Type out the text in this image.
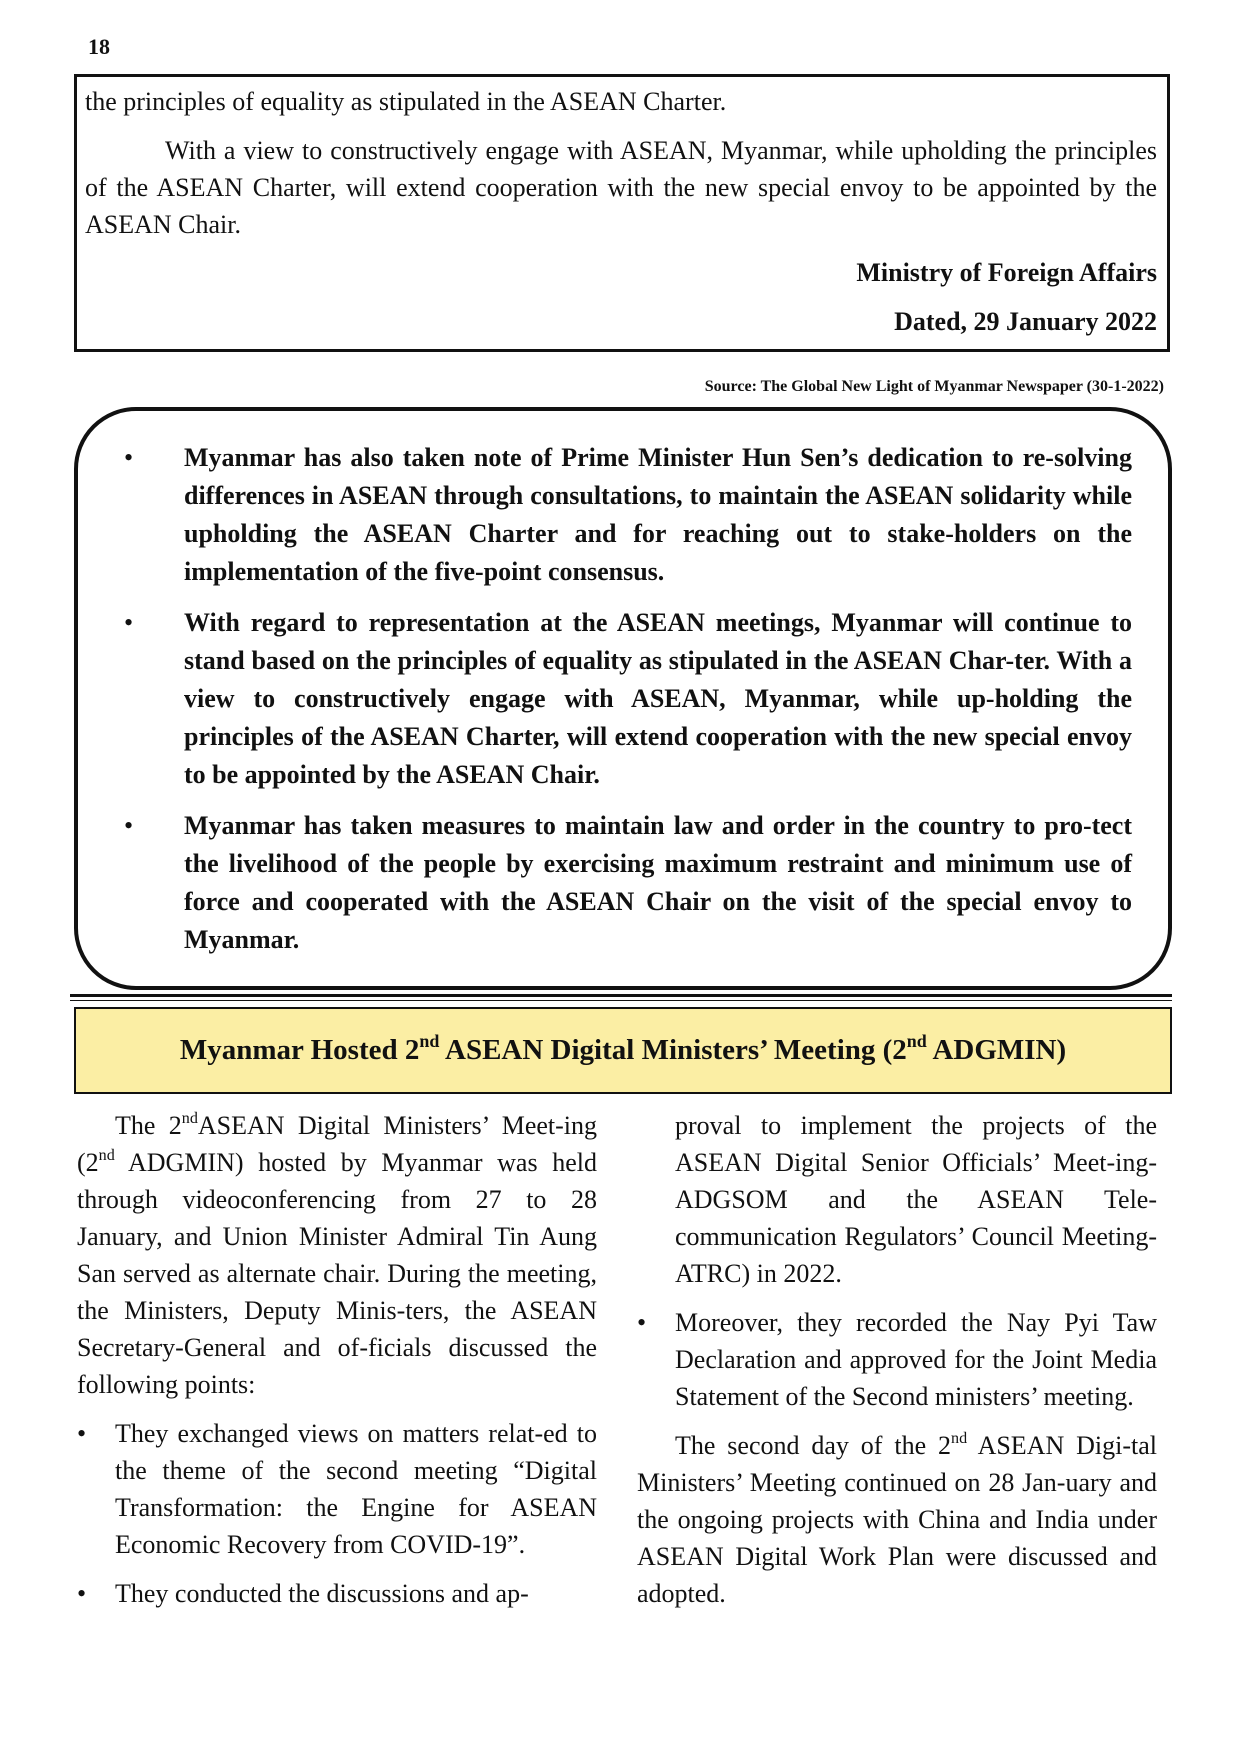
18

the principles of equality as stipulated in the ASEAN Charter.

With a view to constructively engage with ASEAN, Myanmar, while upholding the principles of the ASEAN Charter, will extend cooperation with the new special envoy to be appointed by the ASEAN Chair.

Ministry of Foreign Affairs

Dated, 29 January 2022

Source: The Global New Light of Myanmar Newspaper (30-1-2022)
• Myanmar has also taken note of Prime Minister Hun Sen’s dedication to re-solving differences in ASEAN through consultations, to maintain the ASEAN solidarity while upholding the ASEAN Charter and for reaching out to stake-holders on the implementation of the five-point consensus.
• With regard to representation at the ASEAN meetings, Myanmar will continue to stand based on the principles of equality as stipulated in the ASEAN Char-ter. With a view to constructively engage with ASEAN, Myanmar, while up-holding the principles of the ASEAN Charter, will extend cooperation with the new special envoy to be appointed by the ASEAN Chair.
• Myanmar has taken measures to maintain law and order in the country to pro-tect the livelihood of the people by exercising maximum restraint and minimum use of force and cooperated with the ASEAN Chair on the visit of the special envoy to Myanmar.
Myanmar Hosted 2nd ASEAN Digital Ministers’ Meeting (2nd ADGMIN)

The 2ndASEAN Digital Ministers’ Meet-ing (2nd ADGMIN) hosted by Myanmar was held through videoconferencing from 27 to 28 January, and Union Minister Admiral Tin Aung San served as alternate chair. During the meeting, the Ministers, Deputy Minis-ters, the ASEAN Secretary-General and of-ficials discussed the following points:

• They exchanged views on matters relat-ed to the theme of the second meeting “Digital Transformation: the Engine for ASEAN Economic Recovery from COVID-19”.
• They conducted the discussions and ap-

proval to implement the projects of the ASEAN Digital Senior Officials’ Meet-ing-ADGSOM and the ASEAN Tele-communication Regulators’ Council Meeting-ATRC) in 2022.

• Moreover, they recorded the Nay Pyi Taw Declaration and approved for the Joint Media Statement of the Second ministers’ meeting.

The second day of the 2nd ASEAN Digi-tal Ministers’ Meeting continued on 28 Jan-uary and the ongoing projects with China and India under ASEAN Digital Work Plan were discussed and adopted.
